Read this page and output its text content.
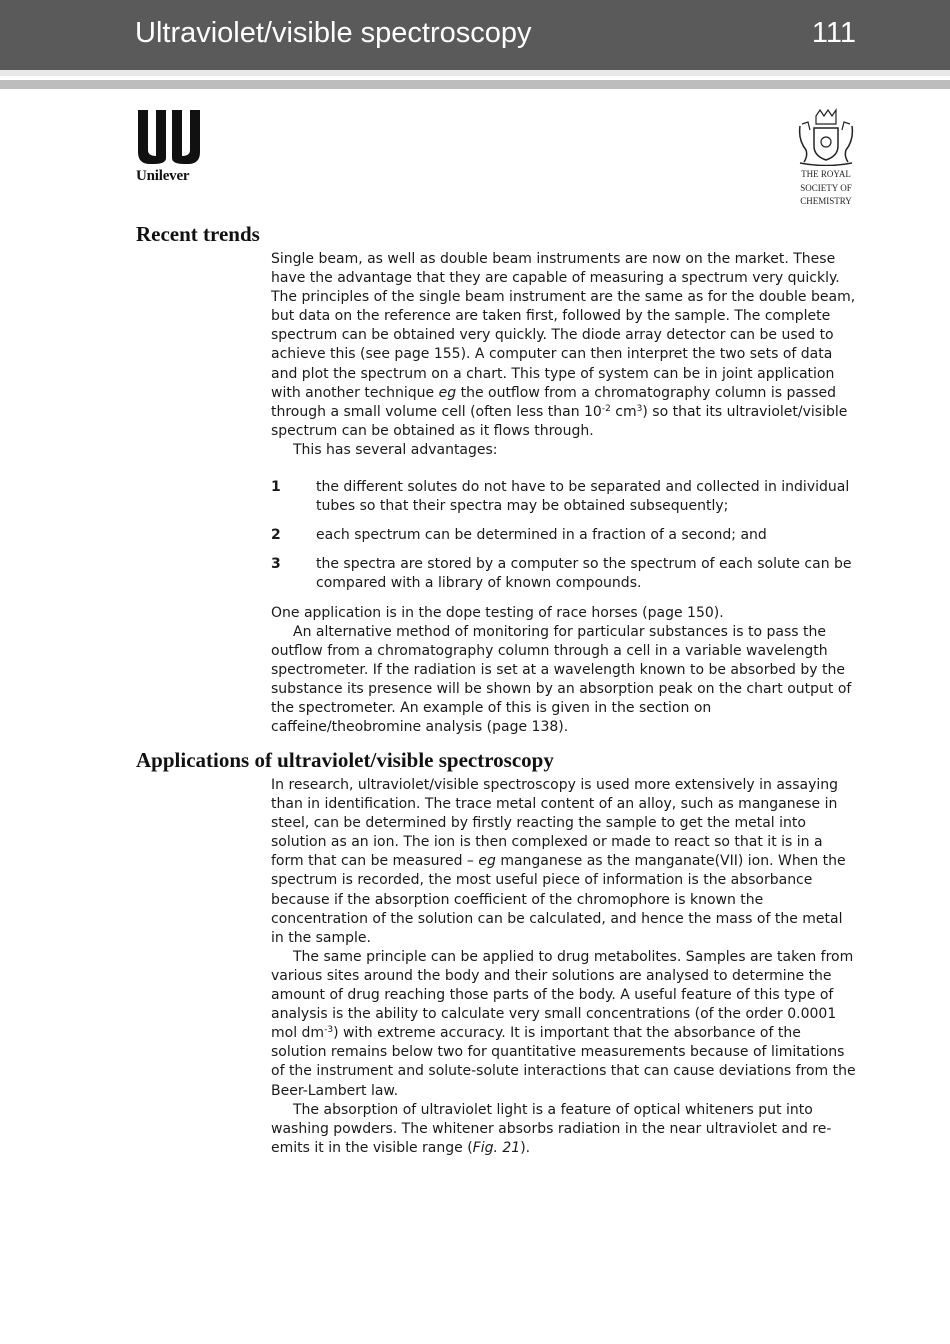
Ultraviolet/visible spectroscopy	111
Unilever	THE ROYAL
SOCIETY OF
CHEMISTRY
Recent trends

Single beam, as well as double beam instruments are now on the market. These have the advantage that they are capable of measuring a spectrum very quickly. The principles of the single beam instrument are the same as for the double beam, but data on the reference are taken first, followed by the sample. The complete spectrum can be obtained very quickly. The diode array detector can be used to achieve this (see page 155). A computer can then interpret the two sets of data and plot the spectrum on a chart. This type of system can be in joint application with another technique eg the outflow from a chromatography column is passed through a small volume cell (often less than $10^{-2}$ $cm^3$) so that its ultraviolet/visible spectrum can be obtained as it flows through.

This has several advantages:

1	the different solutes do not have to be separated and collected in individual tubes so that their spectra may be obtained subsequently;
2	each spectrum can be determined in a fraction of a second; and
3	the spectra are stored by a computer so the spectrum of each solute can be compared with a library of known compounds.

One application is in the dope testing of race horses (page 150).

An alternative method of monitoring for particular substances is to pass the outflow from a chromatography column through a cell in a variable wavelength spectrometer. If the radiation is set at a wavelength known to be absorbed by the substance its presence will be shown by an absorption peak on the chart output of the spectrometer. An example of this is given in the section on caffeine/theobromine analysis (page 138).

Applications of ultraviolet/visible spectroscopy

In research, ultraviolet/visible spectroscopy is used more extensively in assaying than in identification. The trace metal content of an alloy, such as manganese in steel, can be determined by firstly reacting the sample to get the metal into solution as an ion. The ion is then complexed or made to react so that it is in a form that can be measured – eg manganese as the manganate(VII) ion. When the spectrum is recorded, the most useful piece of information is the absorbance because if the absorption coefficient of the chromophore is known the concentration of the solution can be calculated, and hence the mass of the metal in the sample.

The same principle can be applied to drug metabolites. Samples are taken from various sites around the body and their solutions are analysed to determine the amount of drug reaching those parts of the body. A useful feature of this type of analysis is the ability to calculate very small concentrations (of the order 0.0001 mol $dm^{-3}$) with extreme accuracy. It is important that the absorbance of the solution remains below two for quantitative measurements because of limitations of the instrument and solute-solute interactions that can cause deviations from the Beer-Lambert law.

The absorption of ultraviolet light is a feature of optical whiteners put into washing powders. The whitener absorbs radiation in the near ultraviolet and re-emits it in the visible range (Fig. 21).
